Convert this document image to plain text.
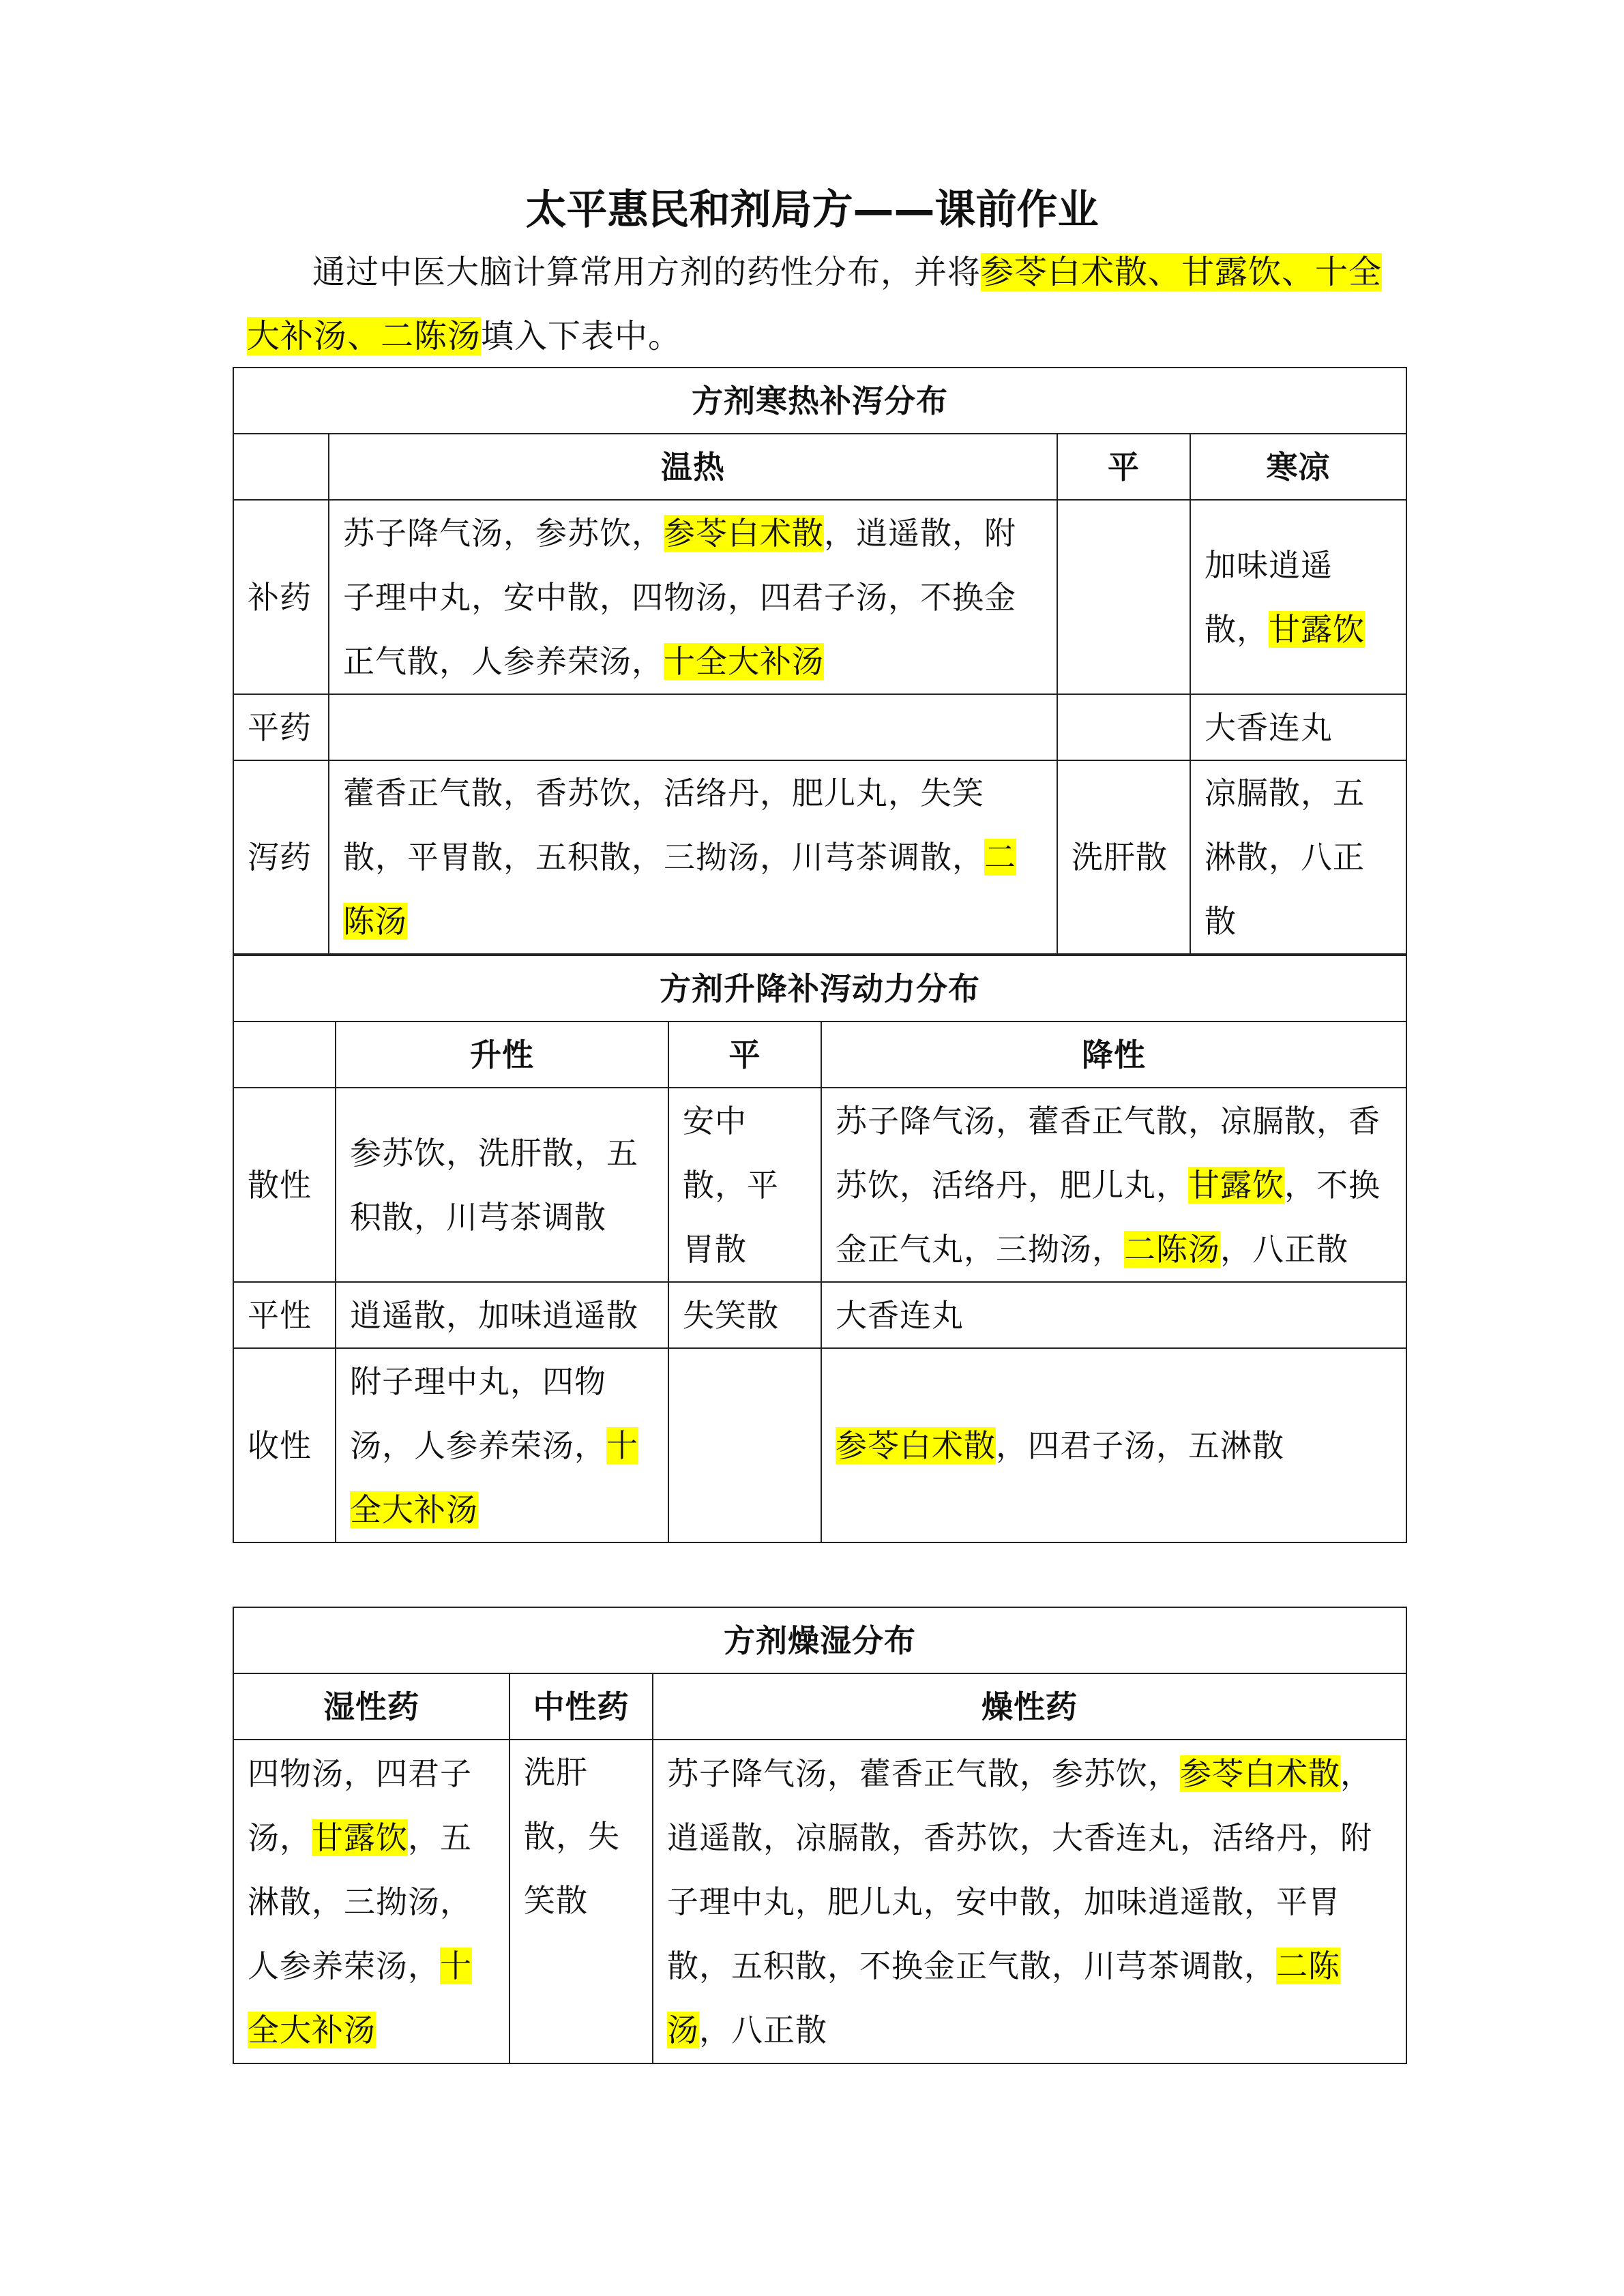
太平惠民和剂局方——课前作业

通过中医大脑计算常用方剂的药性分布，并将参苓白术散、甘露饮、十全大补汤、二陈汤填入下表中。

方剂寒热补泻分布			
	温热	平	寒凉
补药	苏子降气汤，参苏饮，参苓白术散，逍遥散，附子理中丸，安中散，四物汤，四君子汤，不换金正气散，人参养荣汤，十全大补汤		加味逍遥散，甘露饮
平药			大香连丸
泻药	藿香正气散，香苏饮，活络丹，肥儿丸，失笑散，平胃散，五积散，三拗汤，川芎茶调散，二陈汤	洗肝散	凉膈散，五淋散，八正散
方剂升降补泻动力分布			
	升性	平	降性
散性	参苏饮，洗肝散，五积散，川芎茶调散	安中散，平胃散	苏子降气汤，藿香正气散，凉膈散，香苏饮，活络丹，肥儿丸，甘露饮，不换金正气丸，三拗汤，二陈汤，八正散
平性	逍遥散，加味逍遥散	失笑散	大香连丸
收性	附子理中丸，四物汤，人参养荣汤，十全大补汤		参苓白术散，四君子汤，五淋散
方剂燥湿分布		
湿性药	中性药	燥性药
四物汤，四君子汤，甘露饮，五淋散，三拗汤，人参养荣汤，十全大补汤	洗肝散，失笑散	苏子降气汤，藿香正气散，参苏饮，参苓白术散，逍遥散，凉膈散，香苏饮，大香连丸，活络丹，附子理中丸，肥儿丸，安中散，加味逍遥散，平胃散，五积散，不换金正气散，川芎茶调散，二陈汤，八正散
